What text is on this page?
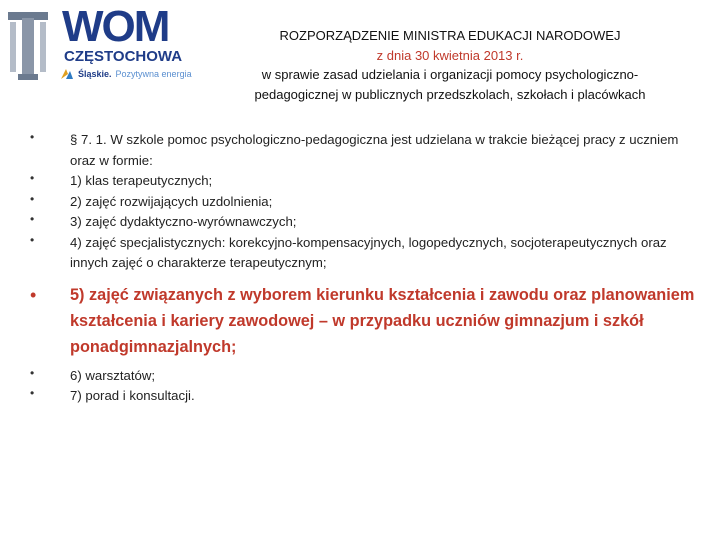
WOM
CZĘSTOCHOWA
Śląskie. Pozytywna energia
ROZPORZĄDZENIE MINISTRA EDUKACJI NARODOWEJ
z dnia 30 kwietnia 2013 r.
w sprawie zasad udzielania i organizacji pomocy psychologiczno-
pedagogicznej w publicznych przedszkolach, szkołach i placówkach
•	§ 7. 1. W szkole pomoc psychologiczno-pedagogiczna jest udzielana w trakcie bieżącej pracy z uczniem oraz w formie:
•	1) klas terapeutycznych;
•	2) zajęć rozwijających uzdolnienia;
•	3) zajęć dydaktyczno-wyrównawczych;
•	4) zajęć specjalistycznych: korekcyjno-kompensacyjnych, logopedycznych, socjoterapeutycznych oraz innych zajęć o charakterze terapeutycznym;
•	5) zajęć związanych z wyborem kierunku kształcenia i zawodu oraz planowaniem kształcenia i kariery zawodowej – w przypadku uczniów gimnazjum i szkół ponadgimnazjalnych;
•	6) warsztatów;
•	7) porad i konsultacji.
